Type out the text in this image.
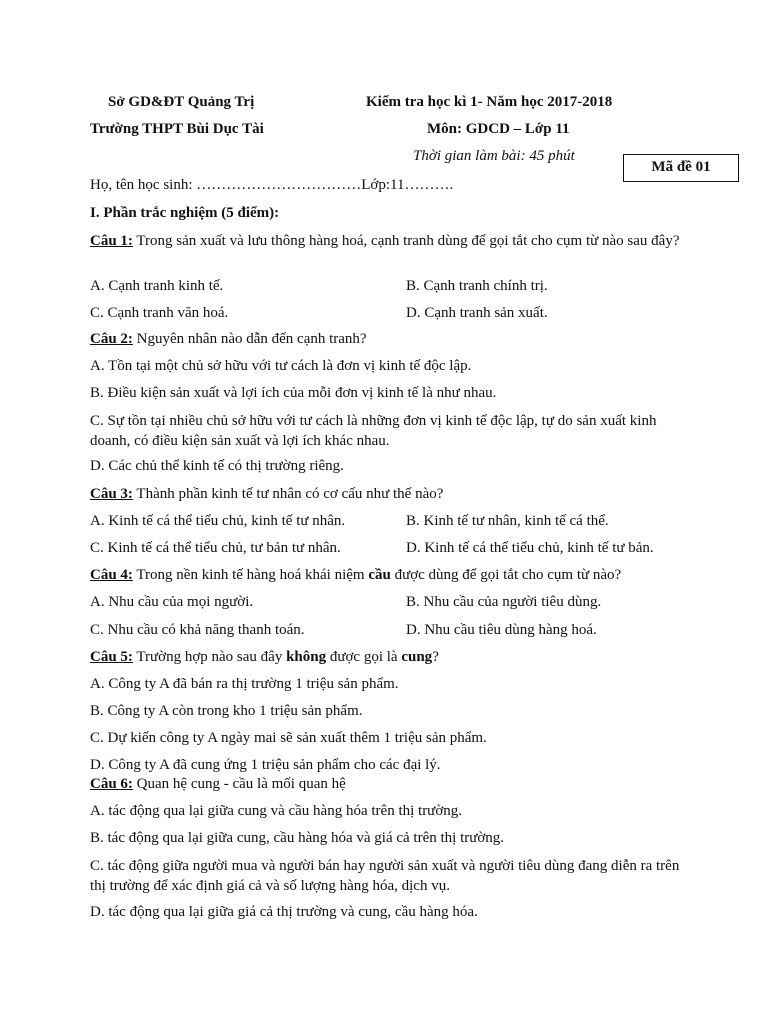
Sở GD&ĐT Quảng Trị
Trường THPT Bùi Dục Tài
Kiểm tra học kì 1- Năm học 2017-2018
Môn: GDCD – Lớp 11
Thời gian làm bài: 45 phút
Mã đề 01
Họ, tên học sinh: ……………………………Lớp:11……….
I. Phần trắc nghiệm (5 điểm):
Câu 1: Trong sản xuất và lưu thông hàng hoá, cạnh tranh dùng để gọi tắt cho cụm từ nào sau đây?
A. Cạnh tranh kinh tế.	B. Cạnh tranh chính trị.
C. Cạnh tranh văn hoá.	D. Cạnh tranh sản xuất.
Câu 2: Nguyên nhân nào dẫn đến cạnh tranh?
A. Tồn tại một chủ sở hữu với tư cách là đơn vị kinh tế độc lập.
B. Điều kiện sản xuất và lợi ích của mỗi đơn vị kinh tế là như nhau.
C. Sự tồn tại nhiều chủ sở hữu với tư cách là những đơn vị kinh tế độc lập, tự do sản xuất kinh doanh, có điều kiện sản xuất và lợi ích khác nhau.
D. Các chủ thể kinh tế có thị trường riêng.
Câu 3: Thành phần kinh tế tư nhân có cơ cấu như thế nào?
A. Kinh tế cá thể tiểu chủ, kinh tế tư nhân.	B. Kinh tế tư nhân, kinh tế cá thể.
C. Kinh tế cá thể tiểu chủ, tư bản tư nhân.	D. Kinh tế cá thể tiểu chủ, kinh tế tư bản.
Câu 4: Trong nền kinh tế hàng hoá khái niệm cầu được dùng để gọi tắt cho cụm từ nào?
A. Nhu cầu của mọi người.	B. Nhu cầu của người tiêu dùng.
C. Nhu cầu có khả năng thanh toán.	D. Nhu cầu tiêu dùng hàng hoá.
Câu 5: Trường hợp nào sau đây không được gọi là cung?
A. Công ty A đã bán ra thị trường 1 triệu sản phẩm.
B. Công ty A còn trong kho 1 triệu sản phẩm.
C. Dự kiến công ty A ngày mai sẽ sản xuất thêm 1 triệu sản phẩm.
D. Công ty A đã cung ứng 1 triệu sản phẩm cho các đại lý.
Câu 6: Quan hệ cung - cầu là mối quan hệ
A. tác động qua lại giữa cung và cầu hàng hóa trên thị trường.
B. tác động qua lại giữa cung, cầu hàng hóa và giá cả trên thị trường.
C. tác động giữa người mua và người bán hay người sản xuất và người tiêu dùng đang diễn ra trên thị trường để xác định giá cả và số lượng hàng hóa, dịch vụ.
D. tác động qua lại giữa giá cả thị trường và cung, cầu hàng hóa.
